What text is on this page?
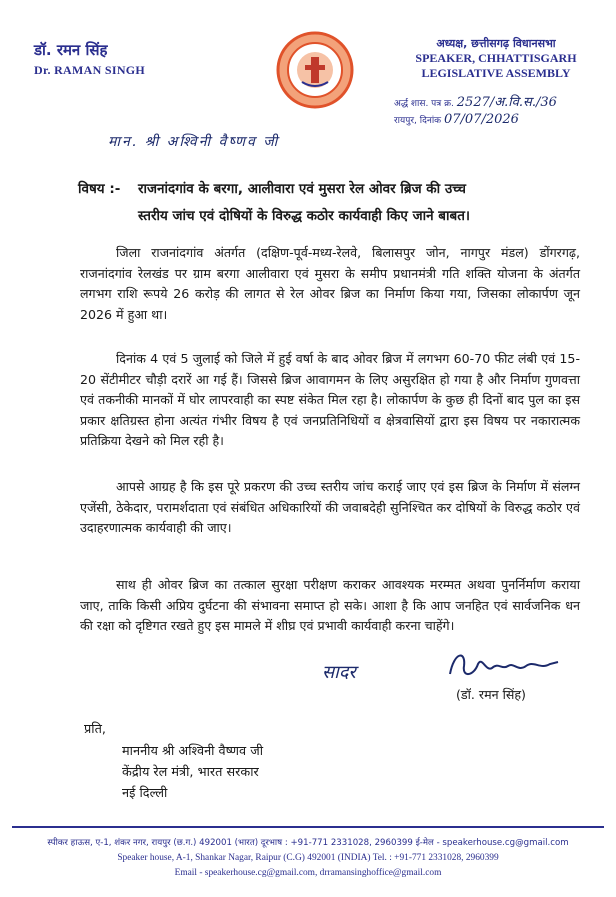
डॉ. रमन सिंह
Dr. RAMAN SINGH
अध्यक्ष, छत्तीसगढ़ विधानसभा
SPEAKER, CHHATTISGARH
LEGISLATIVE ASSEMBLY
अर्द्ध शास. पत्र क्र. 2527/अ.वि.स./36
रायपुर, दिनांक 07/07/2026
मान. श्री अश्विनी वैष्णव जी
विषय :- राजनांदगांव के बरगा, आलीवारा एवं मुसरा रेल ओवर ब्रिज की उच्च
स्तरीय जांच एवं दोषियों के विरुद्ध कठोर कार्यवाही किए जाने बाबत।

जिला राजनांदगांव अंतर्गत (दक्षिण-पूर्व-मध्य-रेलवे, बिलासपुर जोन, नागपुर मंडल) डोंगरगढ़, राजनांदगांव रेलखंड पर ग्राम बरगा आलीवारा एवं मुसरा के समीप प्रधानमंत्री गति शक्ति योजना के अंतर्गत लगभग राशि रूपये 26 करोड़ की लागत से रेल ओवर ब्रिज का निर्माण किया गया, जिसका लोकार्पण जून 2026 में हुआ था।

दिनांक 4 एवं 5 जुलाई को जिले में हुई वर्षा के बाद ओवर ब्रिज में लगभग 60-70 फीट लंबी एवं 15-20 सेंटीमीटर चौड़ी दरारें आ गई हैं। जिससे ब्रिज आवागमन के लिए असुरक्षित हो गया है और निर्माण गुणवत्ता एवं तकनीकी मानकों में घोर लापरवाही का स्पष्ट संकेत मिल रहा है। लोकार्पण के कुछ ही दिनों बाद पुल का इस प्रकार क्षतिग्रस्त होना अत्यंत गंभीर विषय है एवं जनप्रतिनिधियों व क्षेत्रवासियों द्वारा इस विषय पर नकारात्मक प्रतिक्रिया देखने को मिल रही है।

आपसे आग्रह है कि इस पूरे प्रकरण की उच्च स्तरीय जांच कराई जाए एवं इस ब्रिज के निर्माण में संलग्न एजेंसी, ठेकेदार, परामर्शदाता एवं संबंधित अधिकारियों की जवाबदेही सुनिश्चित कर दोषियों के विरुद्ध कठोर एवं उदाहरणात्मक कार्यवाही की जाए।

साथ ही ओवर ब्रिज का तत्काल सुरक्षा परीक्षण कराकर आवश्यक मरम्मत अथवा पुनर्निर्माण कराया जाए, ताकि किसी अप्रिय दुर्घटना की संभावना समाप्त हो सके। आशा है कि आप जनहित एवं सार्वजनिक धन की रक्षा को दृष्टिगत रखते हुए इस मामले में शीघ्र एवं प्रभावी कार्यवाही करना चाहेंगे।

सादर
(डॉ. रमन सिंह)
प्रति,
माननीय श्री अश्विनी वैष्णव जी
केंद्रीय रेल मंत्री, भारत सरकार
नई दिल्ली
स्पीकर हाऊस, ए-1, शंकर नगर, रायपुर (छ.ग.) 492001 (भारत) दूरभाष : +91-771 2331028, 2960399 ई-मेल - speakerhouse.cg@gmail.com
Speaker house, A-1, Shankar Nagar, Raipur (C.G) 492001 (INDIA) Tel. : +91-771 2331028, 2960399
Email - speakerhouse.cg@gmail.com, drramansinghoffice@gmail.com
